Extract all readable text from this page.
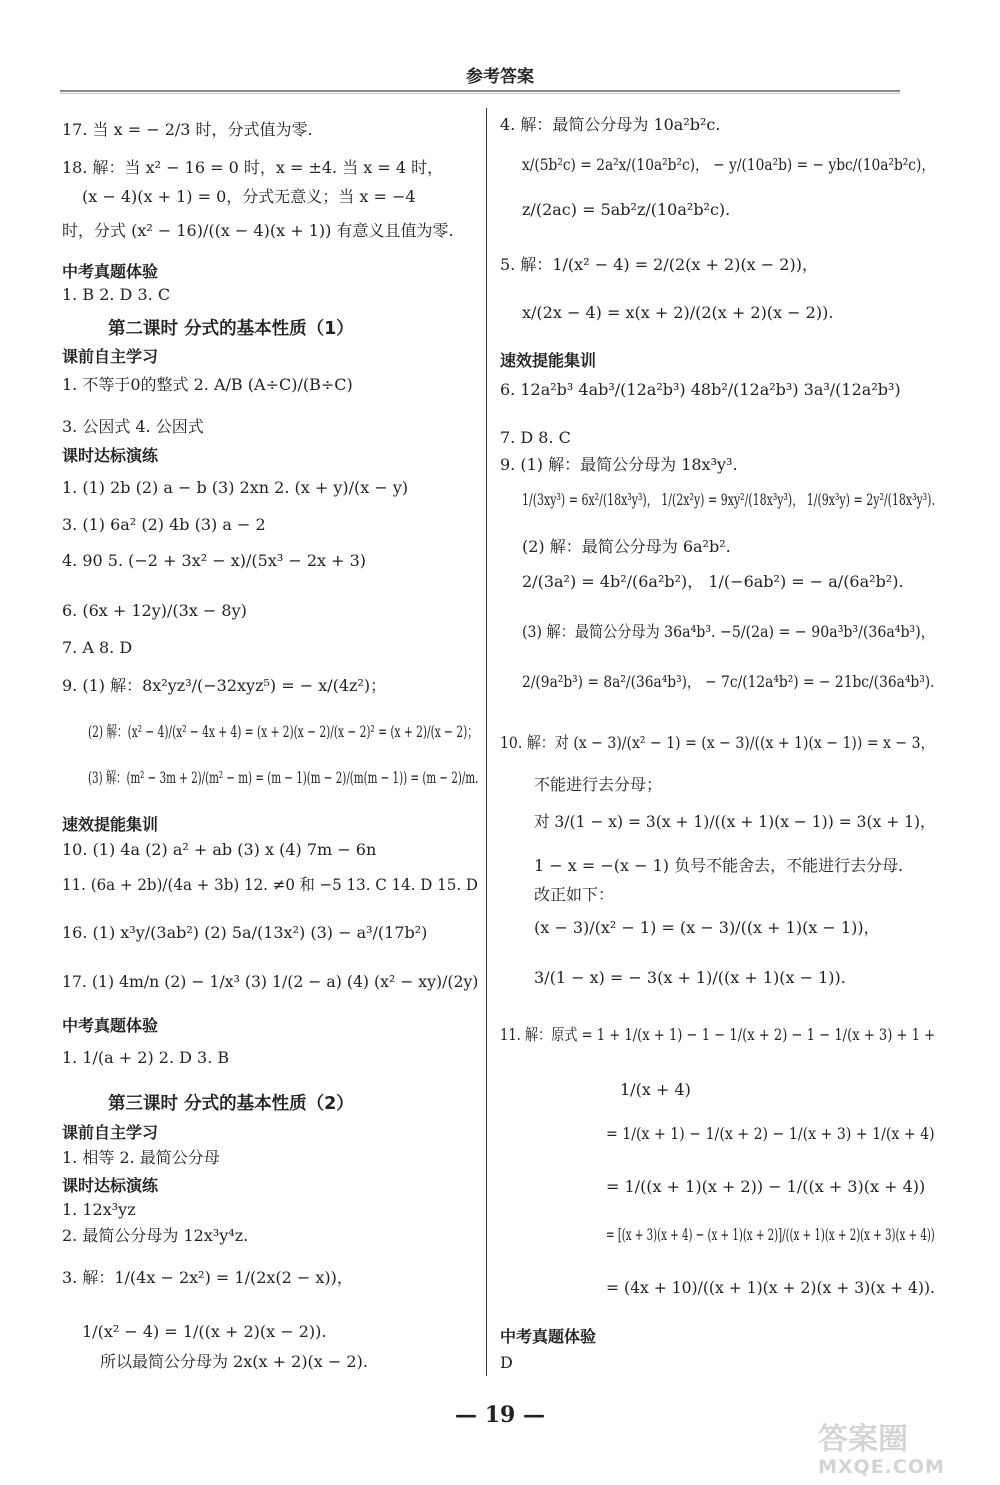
参考答案
17. 当 x = − 2/3 时，分式值为零.
18. 解：当 x² − 16 = 0 时，x = ±4. 当 x = 4 时，
(x − 4)(x + 1) = 0，分式无意义；当 x = −4
时，分式 (x² − 16)/((x − 4)(x + 1)) 有意义且值为零.
中考真题体验
1. B 2. D 3. C
第二课时 分式的基本性质（1）
课前自主学习
1. 不等于0的整式 2. A/B (A÷C)/(B÷C)
3. 公因式 4. 公因式
课时达标演练
1. (1) 2b (2) a − b (3) 2xn 2. (x + y)/(x − y)
3. (1) 6a² (2) 4b (3) a − 2
4. 90 5. (−2 + 3x² − x)/(5x³ − 2x + 3)
6. (6x + 12y)/(3x − 8y)
7. A 8. D
9. (1) 解：8x²yz³/(−32xyz⁵) = − x/(4z²)；
(2) 解：(x² − 4)/(x² − 4x + 4) = (x + 2)(x − 2)/(x − 2)² = (x + 2)/(x − 2)；
(3) 解：(m² − 3m + 2)/(m² − m) = (m − 1)(m − 2)/(m(m − 1)) = (m − 2)/m.
速效提能集训
10. (1) 4a (2) a² + ab (3) x (4) 7m − 6n
11. (6a + 2b)/(4a + 3b) 12. ≠0 和 −5 13. C 14. D 15. D
16. (1) x³y/(3ab²) (2) 5a/(13x²) (3) − a³/(17b²)
17. (1) 4m/n (2) − 1/x³ (3) 1/(2 − a) (4) (x² − xy)/(2y)
中考真题体验
1. 1/(a + 2) 2. D 3. B
第三课时 分式的基本性质（2）
课前自主学习
1. 相等 2. 最简公分母
课时达标演练
1. 12x³yz
2. 最简公分母为 12x³y⁴z.
3. 解：1/(4x − 2x²) = 1/(2x(2 − x))，
1/(x² − 4) = 1/((x + 2)(x − 2)).
所以最简公分母为 2x(x + 2)(x − 2).
4. 解：最简公分母为 10a²b²c.
x/(5b²c) = 2a²x/(10a²b²c)， − y/(10a²b) = − ybc/(10a²b²c)，
z/(2ac) = 5ab²z/(10a²b²c).
5. 解：1/(x² − 4) = 2/(2(x + 2)(x − 2))，
x/(2x − 4) = x(x + 2)/(2(x + 2)(x − 2)).
速效提能集训
6. 12a²b³ 4ab³/(12a²b³) 48b²/(12a²b³) 3a³/(12a²b³)
7. D 8. C
9. (1) 解：最简公分母为 18x³y³.
1/(3xy³) = 6x²/(18x³y³)， 1/(2x²y) = 9xy²/(18x³y³)， 1/(9x³y) = 2y²/(18x³y³).
(2) 解：最简公分母为 6a²b².
2/(3a²) = 4b²/(6a²b²)， 1/(−6ab²) = − a/(6a²b²).
(3) 解：最简公分母为 36a⁴b³. −5/(2a) = − 90a³b³/(36a⁴b³)，
2/(9a²b³) = 8a²/(36a⁴b³)， − 7c/(12a⁴b²) = − 21bc/(36a⁴b³).
10. 解：对 (x − 3)/(x² − 1) = (x − 3)/((x + 1)(x − 1)) = x − 3，
不能进行去分母；
对 3/(1 − x) = 3(x + 1)/((x + 1)(x − 1)) = 3(x + 1)，
1 − x = −(x − 1) 负号不能舍去，不能进行去分母.
改正如下：
(x − 3)/(x² − 1) = (x − 3)/((x + 1)(x − 1))，
3/(1 − x) = − 3(x + 1)/((x + 1)(x − 1)).
11. 解：原式 = 1 + 1/(x + 1) − 1 − 1/(x + 2) − 1 − 1/(x + 3) + 1 +
1/(x + 4)
= 1/(x + 1) − 1/(x + 2) − 1/(x + 3) + 1/(x + 4)
= 1/((x + 1)(x + 2)) − 1/((x + 3)(x + 4))
= [(x + 3)(x + 4) − (x + 1)(x + 2)]/((x + 1)(x + 2)(x + 3)(x + 4))
= (4x + 10)/((x + 1)(x + 2)(x + 3)(x + 4)).
中考真题体验
D
— 19 —
答案圈
MXQE.COM
